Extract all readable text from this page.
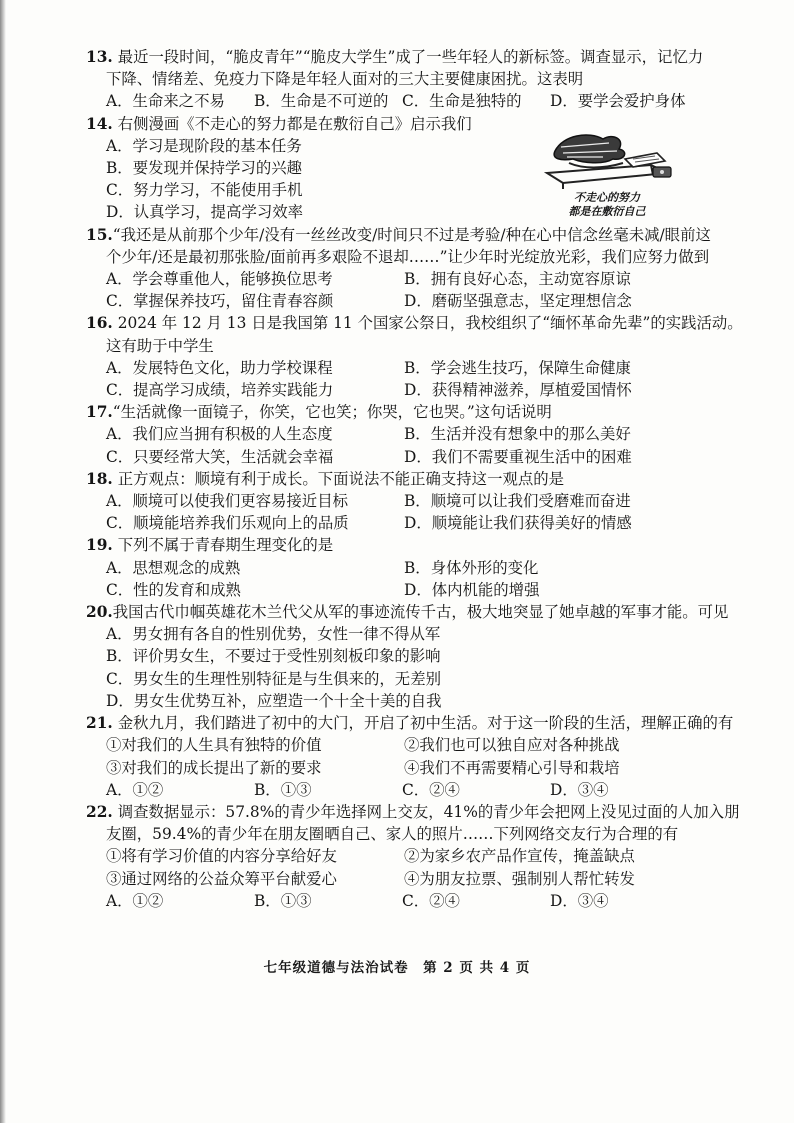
13. 最近一段时间，“脆皮青年”“脆皮大学生”成了一些年轻人的新标签。调查显示，记忆力
下降、情绪差、免疫力下降是年轻人面对的三大主要健康困扰。这表明
A．生命来之不易	B．生命是不可逆的 C．生命是独特的	D．要学会爱护身体
14. 右侧漫画《不走心的努力都是在敷衍自己》启示我们
A．学习是现阶段的基本任务
B．要发现并保持学习的兴趣
C．努力学习，不能使用手机
D．认真学习，提高学习效率
不走心的努力
都是在敷衍自己
15.“我还是从前那个少年/没有一丝丝改变/时间只不过是考验/种在心中信念丝毫未减/眼前这
个少年/还是最初那张脸/面前再多艰险不退却……”让少年时光绽放光彩，我们应努力做到
A．学会尊重他人，能够换位思考	B．拥有良好心态，主动宽容原谅
C．掌握保养技巧，留住青春容颜	D．磨砺坚强意志，坚定理想信念
16. 2024 年 12 月 13 日是我国第 11 个国家公祭日，我校组织了“缅怀革命先辈”的实践活动。
这有助于中学生
A．发展特色文化，助力学校课程	B．学会逃生技巧，保障生命健康
C．提高学习成绩，培养实践能力	D．获得精神滋养，厚植爱国情怀
17.“生活就像一面镜子，你笑，它也笑；你哭，它也哭。”这句话说明
A．我们应当拥有积极的人生态度	B．生活并没有想象中的那么美好
C．只要经常大笑，生活就会幸福	D．我们不需要重视生活中的困难
18. 正方观点：顺境有利于成长。下面说法不能正确支持这一观点的是
A．顺境可以使我们更容易接近目标	B．顺境可以让我们受磨难而奋进
C．顺境能培养我们乐观向上的品质	D．顺境能让我们获得美好的情感
19. 下列不属于青春期生理变化的是
A．思想观念的成熟	B．身体外形的变化
C．性的发育和成熟	D．体内机能的增强
20.我国古代巾帼英雄花木兰代父从军的事迹流传千古，极大地突显了她卓越的军事才能。可见
A．男女拥有各自的性别优势，女性一律不得从军
B．评价男女生，不要过于受性别刻板印象的影响
C．男女生的生理性别特征是与生俱来的，无差别
D．男女生优势互补，应塑造一个十全十美的自我
21. 金秋九月，我们踏进了初中的大门，开启了初中生活。对于这一阶段的生活，理解正确的有
①对我们的人生具有独特的价值	②我们也可以独自应对各种挑战
③对我们的成长提出了新的要求	④我们不再需要精心引导和栽培
A．①②	B．①③	C．②④	D．③④
22. 调查数据显示：57.8%的青少年选择网上交友，41%的青少年会把网上没见过面的人加入朋
友圈，59.4%的青少年在朋友圈晒自己、家人的照片……下列网络交友行为合理的有
①将有学习价值的内容分享给好友	②为家乡农产品作宣传，掩盖缺点
③通过网络的公益众筹平台献爱心	④为朋友拉票、强制别人帮忙转发
A．①②	B．①③	C．②④	D．③④
七年级道德与法治试卷　第 2 页 共 4 页
